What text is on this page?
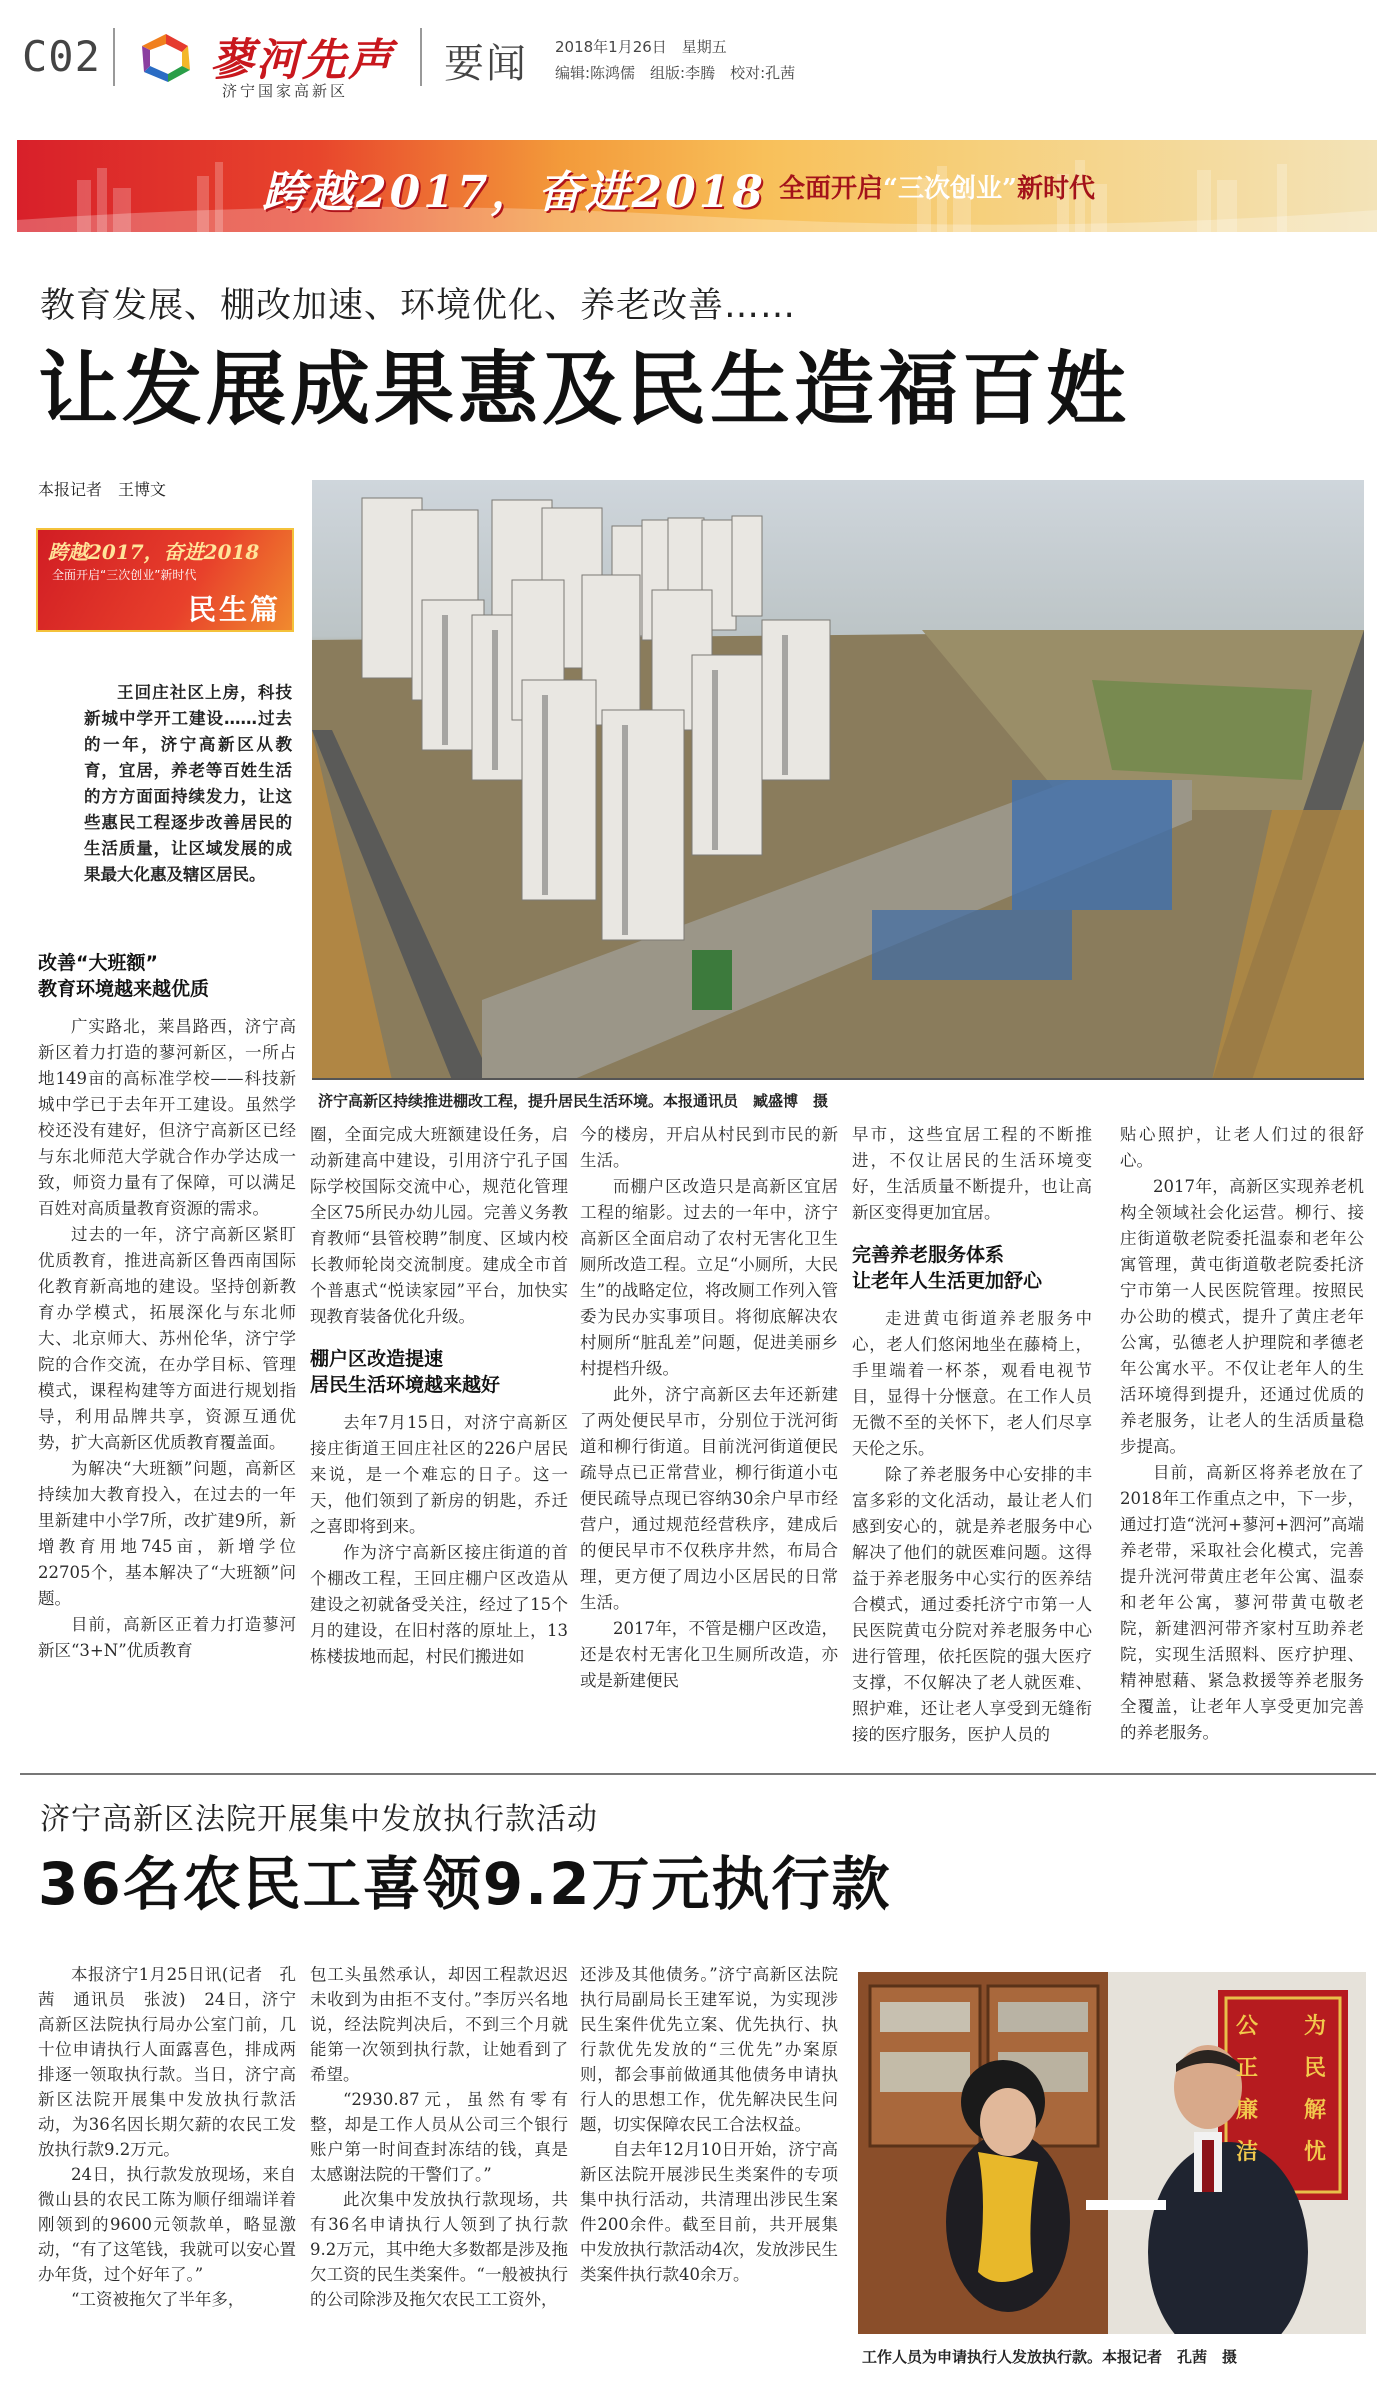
C02 蓼河先声
济宁国家高新区
要闻 2018年1月26日　星期五
编辑:陈鸿儒　组版:李腾　校对:孔茜
跨越2017，奋进2018 全面开启“三次创业”新时代
教育发展、棚改加速、环境优化、养老改善……
让发展成果惠及民生造福百姓
本报记者　王博文
跨越2017，奋进2018
全面开启“三次创业”新时代
民生篇

王回庄社区上房，科技新城中学开工建设……过去的一年，济宁高新区从教育，宜居，养老等百姓生活的方方面面持续发力，让这些惠民工程逐步改善居民的生活质量，让区域发展的成果最大化惠及辖区居民。

济宁高新区持续推进棚改工程，提升居民生活环境。本报通讯员　臧盛博　摄
改善“大班额”
教育环境越来越优质

广实路北，莱昌路西，济宁高新区着力打造的蓼河新区，一所占地149亩的高标准学校——科技新城中学已于去年开工建设。虽然学校还没有建好，但济宁高新区已经与东北师范大学就合作办学达成一致，师资力量有了保障，可以满足百姓对高质量教育资源的需求。

过去的一年，济宁高新区紧盯优质教育，推进高新区鲁西南国际化教育新高地的建设。坚持创新教育办学模式，拓展深化与东北师大、北京师大、苏州伦华，济宁学院的合作交流，在办学目标、管理模式，课程构建等方面进行规划指导，利用品牌共享，资源互通优势，扩大高新区优质教育覆盖面。

为解决“大班额”问题，高新区持续加大教育投入，在过去的一年里新建中小学7所，改扩建9所，新增教育用地745亩，新增学位22705个，基本解决了“大班额”问题。

目前，高新区正着力打造蓼河新区“3+N”优质教育

圈，全面完成大班额建设任务，启动新建高中建设，引用济宁孔子国际学校国际交流中心，规范化管理全区75所民办幼儿园。完善义务教育教师“县管校聘”制度、区域内校长教师轮岗交流制度。建成全市首个普惠式“悦读家园”平台，加快实现教育装备优化升级。

棚户区改造提速
居民生活环境越来越好

去年7月15日，对济宁高新区接庄街道王回庄社区的226户居民来说，是一个难忘的日子。这一天，他们领到了新房的钥匙，乔迁之喜即将到来。

作为济宁高新区接庄街道的首个棚改工程，王回庄棚户区改造从建设之初就备受关注，经过了15个月的建设，在旧村落的原址上，13栋楼拔地而起，村民们搬进如

今的楼房，开启从村民到市民的新生活。

而棚户区改造只是高新区宜居工程的缩影。过去的一年中，济宁高新区全面启动了农村无害化卫生厕所改造工程。立足“小厕所，大民生”的战略定位，将改厕工作列入管委为民办实事项目。将彻底解决农村厕所“脏乱差”问题，促进美丽乡村提档升级。

此外，济宁高新区去年还新建了两处便民早市，分别位于洸河街道和柳行街道。目前洸河街道便民疏导点已正常营业，柳行街道小屯便民疏导点现已容纳30余户早市经营户，通过规范经营秩序，建成后的便民早市不仅秩序井然，布局合理，更方便了周边小区居民的日常生活。

2017年，不管是棚户区改造，还是农村无害化卫生厕所改造，亦或是新建便民

早市，这些宜居工程的不断推进，不仅让居民的生活环境变好，生活质量不断提升，也让高新区变得更加宜居。

完善养老服务体系
让老年人生活更加舒心

走进黄屯街道养老服务中心，老人们悠闲地坐在藤椅上，手里端着一杯茶，观看电视节目，显得十分惬意。在工作人员无微不至的关怀下，老人们尽享天伦之乐。

除了养老服务中心安排的丰富多彩的文化活动，最让老人们感到安心的，就是养老服务中心解决了他们的就医难问题。这得益于养老服务中心实行的医养结合模式，通过委托济宁市第一人民医院黄屯分院对养老服务中心进行管理，依托医院的强大医疗支撑，不仅解决了老人就医难、照护难，还让老人享受到无缝衔接的医疗服务，医护人员的

贴心照护，让老人们过的很舒心。

2017年，高新区实现养老机构全领域社会化运营。柳行、接庄街道敬老院委托温泰和老年公寓管理，黄屯街道敬老院委托济宁市第一人民医院管理。按照民办公助的模式，提升了黄庄老年公寓，弘德老人护理院和孝德老年公寓水平。不仅让老年人的生活环境得到提升，还通过优质的养老服务，让老人的生活质量稳步提高。

目前，高新区将养老放在了2018年工作重点之中，下一步，通过打造“洸河+蓼河+泗河”高端养老带，采取社会化模式，完善提升洸河带黄庄老年公寓、温泰和老年公寓，蓼河带黄屯敬老院，新建泗河带齐家村互助养老院，实现生活照料、医疗护理、精神慰藉、紧急救援等养老服务全覆盖，让老年人享受更加完善的养老服务。

济宁高新区法院开展集中发放执行款活动
36名农民工喜领9.2万元执行款

本报济宁1月25日讯(记者　孔茜　通讯员　张波)　24日，济宁高新区法院执行局办公室门前，几十位申请执行人面露喜色，排成两排逐一领取执行款。当日，济宁高新区法院开展集中发放执行款活动，为36名因长期欠薪的农民工发放执行款9.2万元。

24日，执行款发放现场，来自微山县的农民工陈为顺仔细端详着刚领到的9600元领款单，略显激动，“有了这笔钱，我就可以安心置办年货，过个好年了。”

“工资被拖欠了半年多，

包工头虽然承认，却因工程款迟迟未收到为由拒不支付。”李厉兴名地说，经法院判决后，不到三个月就能第一次领到执行款，让她看到了希望。

“2930.87元，虽然有零有整，却是工作人员从公司三个银行账户第一时间查封冻结的钱，真是太感谢法院的干警们了。”

此次集中发放执行款现场，共有36名申请执行人领到了执行款9.2万元，其中绝大多数都是涉及拖欠工资的民生类案件。“一般被执行的公司除涉及拖欠农民工工资外，

还涉及其他债务。”济宁高新区法院执行局副局长王建军说，为实现涉民生案件优先立案、优先执行、执行款优先发放的“三优先”办案原则，都会事前做通其他债务申请执行人的思想工作，优先解决民生问题，切实保障农民工合法权益。

自去年12月10日开始，济宁高新区法院开展涉民生类案件的专项集中执行活动，共清理出涉民生案件200余件。截至目前，共开展集中发放执行款活动4次，发放涉民生类案件执行款40余万。

公正廉洁
为民解忧
工作人员为申请执行人发放执行款。本报记者　孔茜　摄
